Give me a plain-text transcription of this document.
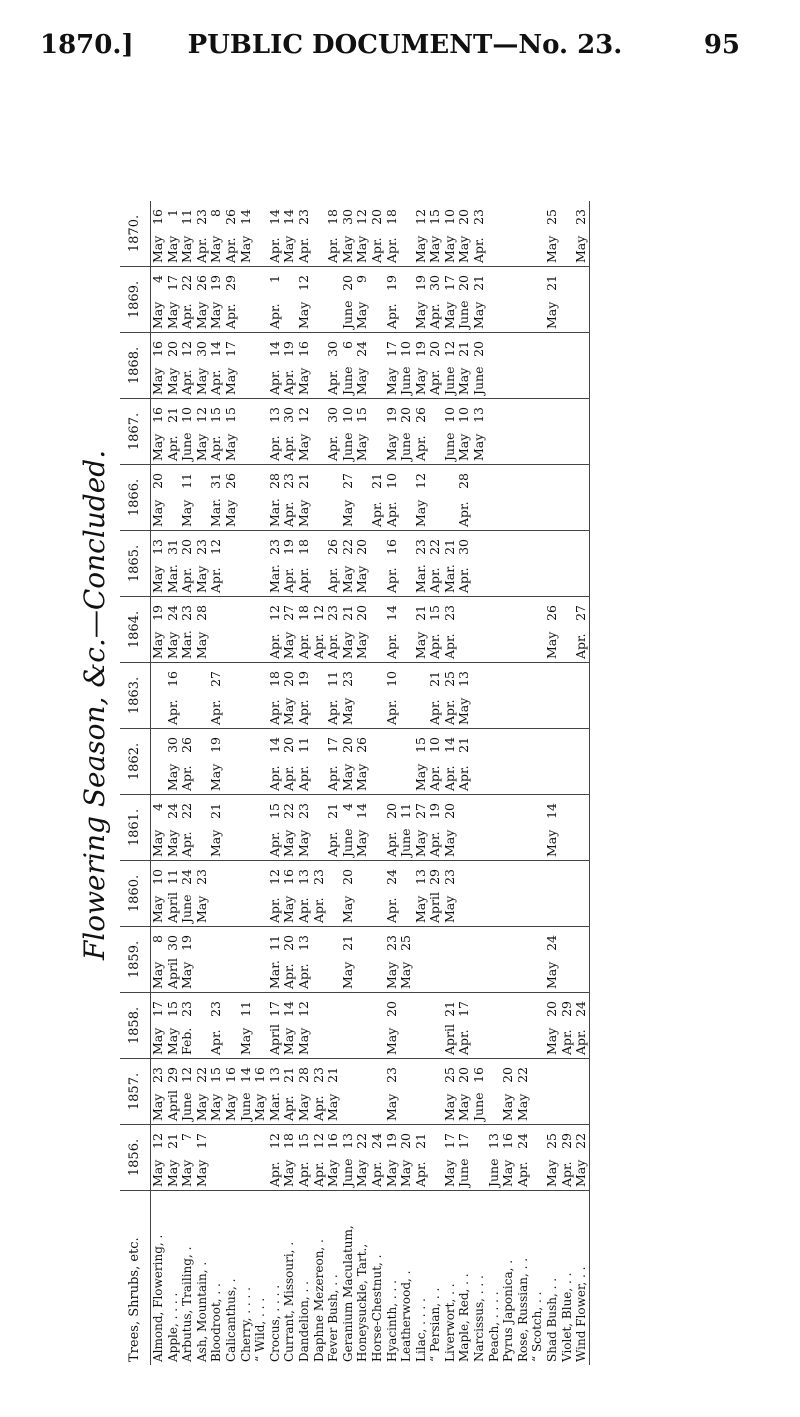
1870.]	PUBLIC DOCUMENT—No. 23.	95
Flowering Season, &c.—Concluded.
Trees, Shrubs, etc.	1856.	1857.	1858.	1859.	1860.	1861.	1862.	1863.	1864.	1865.	1866.	1867.	1868.	1869.	1870.
Almond, Flowering, .	May12	May23	May17	May8	May10	May4			May19	May13	May20	May16	May16	May4	May16
Apple, . . . .	May21	April29	May15	April30	April11	May24	May30	Apr.16	May24	Mar.31		Apr.21	May20	May17	May1
Arbutus, Trailing, .	May7	June12	Feb.23	May19	June24	Apr.22	Apr.26		Mar.23	Apr.20	May11	June10	Apr.12	Apr.22	May11
Ash, Mountain, .	May17	May22			May23				May28	May23		May12	May30	May26	Apr.23
Bloodroot, . .		May15	Apr.23			May21	May19	Apr.27		Apr.12	Mar.31	Apr.15	Apr.14	May19	May8
Calicanthus, .		May16									May26	May15	May17	Apr.29	Apr.26
Cherry, . . . .		June14	May11												May14
“ Wild, . . .		May16													
Crocus, . . . .	Apr.12	Mar.13	April17	Mar.11	Apr.12	Apr.15	Apr.14	Apr.18	Apr.12	Mar.23	Mar.28	Apr.13	Apr.14	Apr.1	Apr.14
Currant, Missouri, .	May18	Apr.21	May14	Apr.20	May16	May22	Apr.20	May20	May27	Apr.19	Apr.23	Apr.30	Apr.19		May14
Dandelion, . .	Apr.15	May28	May12	Apr.13	Apr.13	May23	Apr.11	Apr.19	Apr.18	Apr.18	May21	May12	May16	May12	Apr.23
Daphne Mezereon, .	Apr.12	Apr.23			Apr.23				Apr.12						
Fever Bush, . .	May16	May21				Apr.21	Apr.17	Apr.11	Apr.23	Apr.26		Apr.30	Apr.30		Apr.18
Geranium Maculatum,	June13			May21	May20	June4	May20	May23	May21	May22	May27	June10	June6	June20	May30
Honeysuckle, Tart.,	May22					May14	May26		May20	May20		May15	May24	May9	May12
Horse-Chestnut, .	Apr.24										Apr.21				Apr.20
Hyacinth, . . .	May19	May23	May20	May23	Apr.24	Apr.20		Apr.10	Apr.14	Apr.16	Apr.10	May19	May17	Apr.19	Apr.18
Leatherwood, .	May20			May25		June11						June20	June10		
Lilac, . . . .	Apr.21				May13	May27	May15		May21	Mar.23	May12	Apr.26	May19	May19	May12
“ Persian, . .					April29	Apr.19	Apr.10	Apr.21	Apr.15	Apr.22			Apr.20	Apr.30	May15
Liverwort, . .	May17	May25	April21		May23	May20	Apr.14	Apr.25	Apr.23	Mar.21		June10	June12	May17	May10
Maple, Red, . .	June17	May20	Apr.17				Apr.21	May13		Apr.30	Apr.28	May10	May21	June20	May20
Narcissus, . . .		June16										May13	June20	May21	Apr.23
Peach, . . . .	June13														
Pyrus Japonica, .	May16	May20													
Rose, Russian, . .	Apr.24	May22													
“ Scotch, . .															
Shad Bush, . .	May25		May20	May24		May14			May26					May21	May25
Violet, Blue, . .	Apr.29		Apr.29												
Wind Flower, . .	May22		Apr.24						Apr.27						May23
